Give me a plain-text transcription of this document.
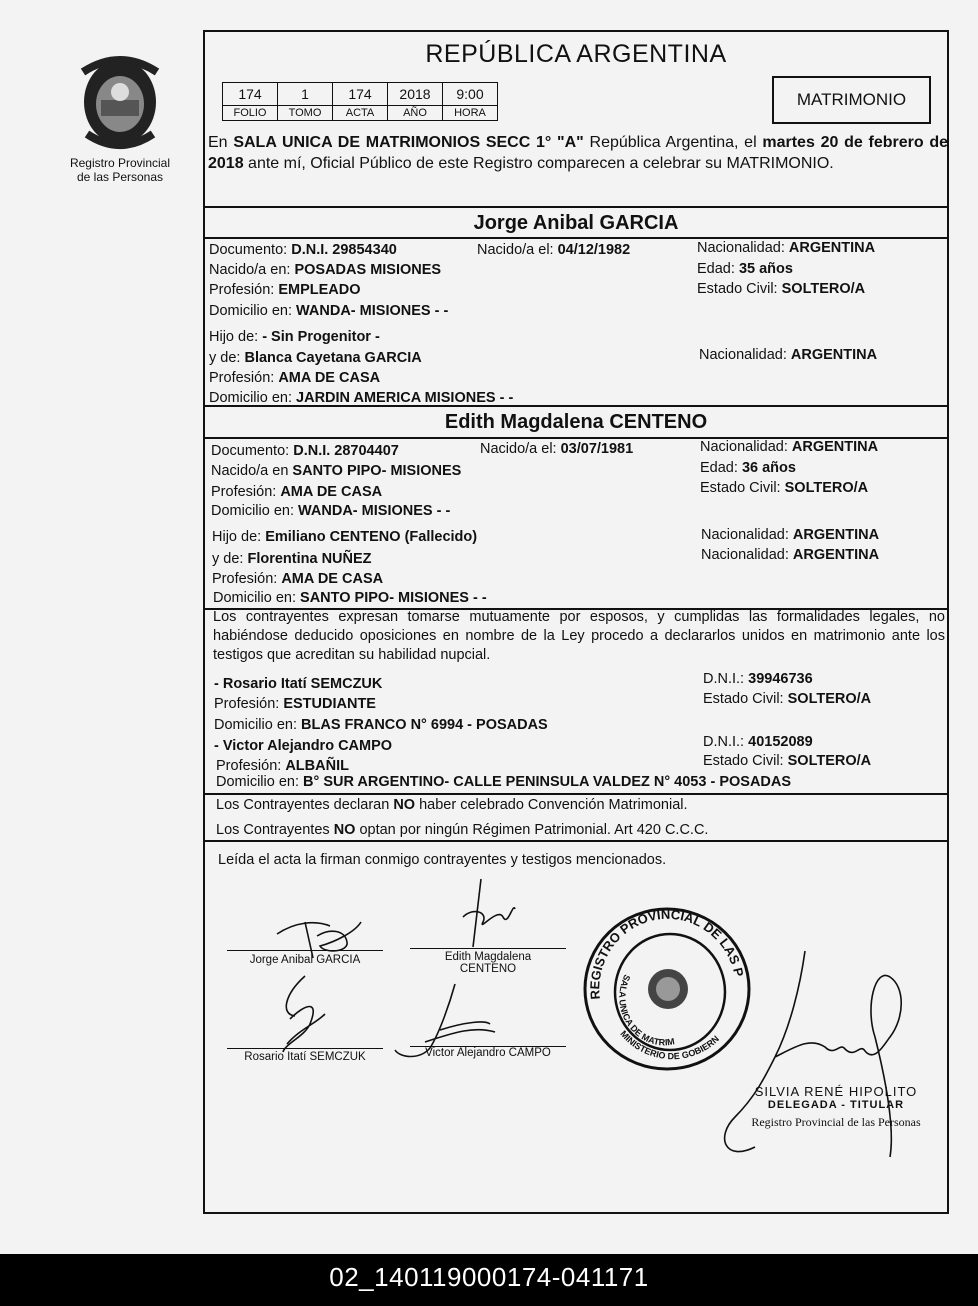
Registro Provincial
de las Personas
REPÚBLICA ARGENTINA
174	1	174	2018	9:00
FOLIO	TOMO	ACTA	AÑO	HORA
MATRIMONIO
En SALA UNICA DE MATRIMONIOS SECC 1° "A" República Argentina, el martes 20 de febrero de 2018 ante mí, Oficial Público de este Registro comparecen a celebrar su MATRIMONIO.
Jorge Anibal GARCIA
Documento: D.N.I. 29854340	Nacido/a el: 04/12/1982	Nacionalidad: ARGENTINA
Nacido/a en: POSADAS MISIONES	Edad: 35 años
Profesión: EMPLEADO	Estado Civil: SOLTERO/A
Domicilio en: WANDA- MISIONES - -
Hijo de: - Sin Progenitor -
y de: Blanca Cayetana GARCIA	Nacionalidad: ARGENTINA
Profesión: AMA DE CASA
Domicilio en: JARDIN AMERICA MISIONES - -
Edith Magdalena CENTENO
Documento: D.N.I. 28704407	Nacido/a el: 03/07/1981	Nacionalidad: ARGENTINA
Nacido/a en SANTO PIPO- MISIONES	Edad: 36 años
Profesión: AMA DE CASA	Estado Civil: SOLTERO/A
Domicilio en: WANDA- MISIONES - -
Hijo de: Emiliano CENTENO (Fallecido)	Nacionalidad: ARGENTINA
y de: Florentina NUÑEZ	Nacionalidad: ARGENTINA
Profesión: AMA DE CASA
Domicilio en: SANTO PIPO- MISIONES - -
Los contrayentes expresan tomarse mutuamente por esposos, y cumplidas las formalidades legales, no habiéndose deducido oposiciones en nombre de la Ley procedo a declararlos unidos en matrimonio ante los testigos que acreditan su habilidad nupcial.
- Rosario Itatí SEMCZUK	D.N.I.: 39946736
Profesión: ESTUDIANTE	Estado Civil: SOLTERO/A
Domicilio en: BLAS FRANCO N° 6994 - POSADAS
- Victor Alejandro CAMPO	D.N.I.: 40152089
Profesión: ALBAÑIL	Estado Civil: SOLTERO/A
Domicilio en: B° SUR ARGENTINO- CALLE PENINSULA VALDEZ N° 4053 - POSADAS
Los Contrayentes declaran NO haber celebrado Convención Matrimonial.
Los Contrayentes NO optan por ningún Régimen Patrimonial. Art 420 C.C.C.
Leída el acta la firman conmigo contrayentes y testigos mencionados.
Jorge Anibal GARCIA	Edith Magdalena
CENTENO
Rosario Itatí SEMCZUK	Victor Alejandro CAMPO
REGISTRO PROVINCIAL DE LAS P
SALA UNICA DE MATRIM
MINISTERIO DE GOBIERN
SILVIA RENÉ HIPOLITO
DELEGADA - TITULAR
Registro Provincial de las Personas
02_140119000174-041171
